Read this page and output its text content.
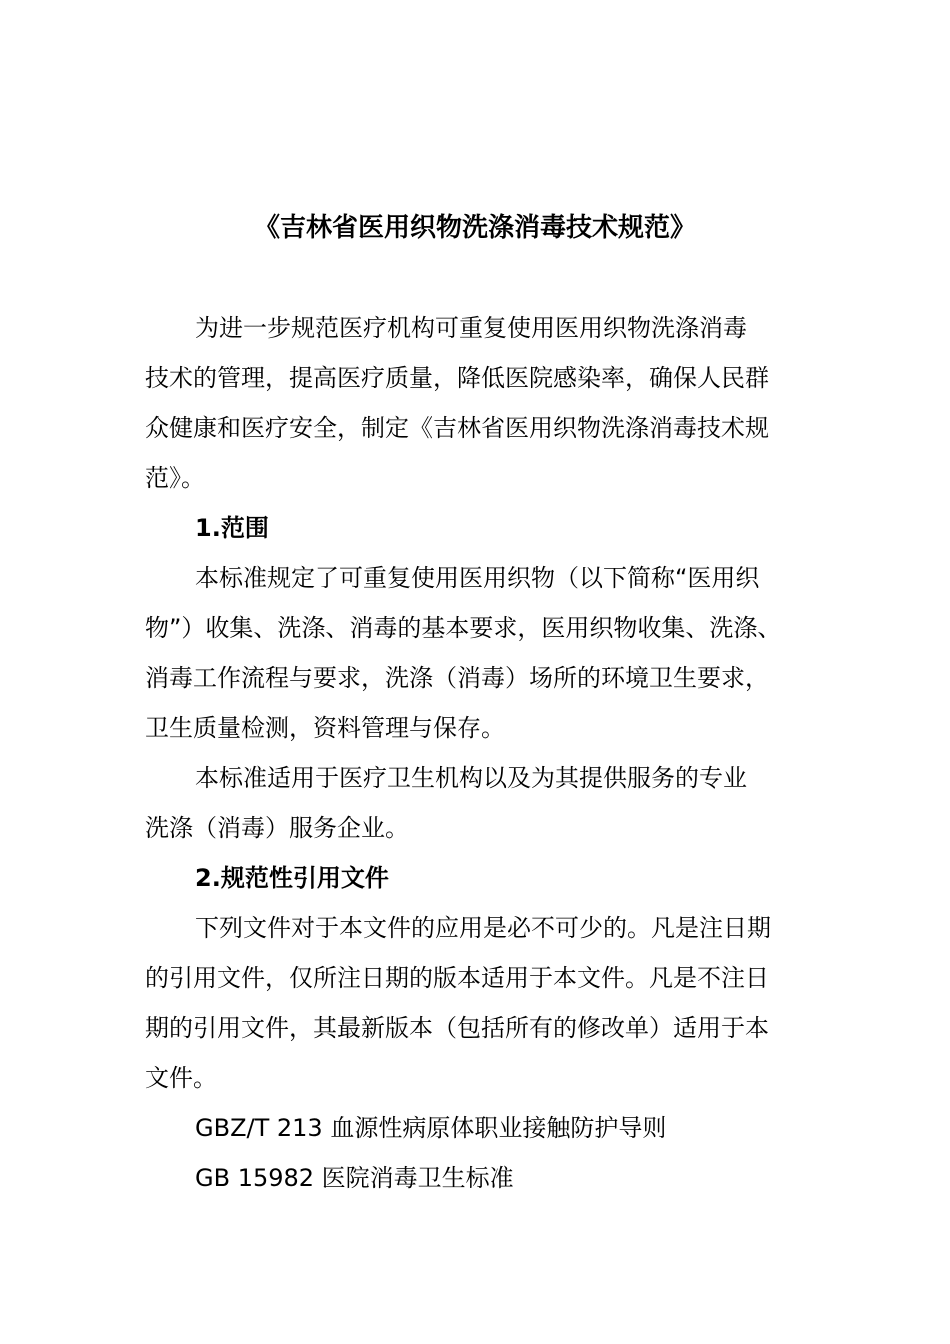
《吉林省医用织物洗涤消毒技术规范》
为进一步规范医疗机构可重复使用医用织物洗涤消毒
技术的管理，提高医疗质量，降低医院感染率，确保人民群
众健康和医疗安全，制定《吉林省医用织物洗涤消毒技术规
范》。
1.范围
本标准规定了可重复使用医用织物（以下简称“医用织
物”）收集、洗涤、消毒的基本要求，医用织物收集、洗涤、
消毒工作流程与要求，洗涤（消毒）场所的环境卫生要求，
卫生质量检测，资料管理与保存。
本标准适用于医疗卫生机构以及为其提供服务的专业
洗涤（消毒）服务企业。
2.规范性引用文件
下列文件对于本文件的应用是必不可少的。凡是注日期
的引用文件，仅所注日期的版本适用于本文件。凡是不注日
期的引用文件，其最新版本（包括所有的修改单）适用于本
文件。
GBZ/T 213 血源性病原体职业接触防护导则
GB 15982 医院消毒卫生标准
